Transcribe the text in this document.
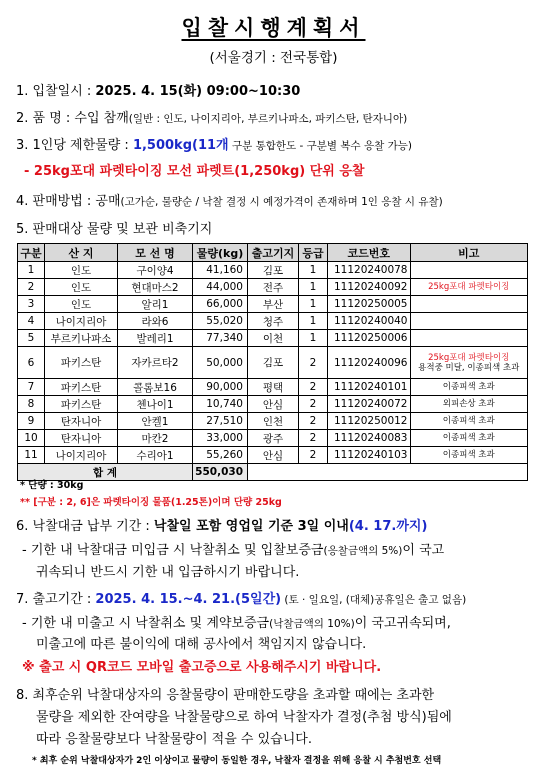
입찰시행계획서
(서울경기 : 전국통합)
1. 입찰일시 : 2025. 4. 15(화) 09:00~10:30
2. 품 명 : 수입 참깨(일반 : 인도, 나이지리아, 부르키나파소, 파키스탄, 탄자니아)
3. 1인당 제한물량 : 1,500kg(11개 구분 통합한도 - 구분별 복수 응찰 가능)
- 25kg포대 파렛타이징 모선 파렛트(1,250kg) 단위 응찰
4. 판매방법 : 공매(고가순, 물량순 / 낙찰 결정 시 예정가격이 존재하며 1인 응찰 시 유찰)
5. 판매대상 물량 및 보관 비축기지
구분	산 지	모 선 명	물량(kg)	출고기지	등급	코드번호	비고
1	인도	구이양4	41,160	김포	1	11120240078	
2	인도	현대마스2	44,000	전주	1	11120240092	25kg포대 파렛타이징
3	인도	알리1	66,000	부산	1	11120250005	
4	나이지리아	라와6	55,020	청주	1	11120240040	
5	부르키나파소	발레리1	77,340	이천	1	11120250006	
6	파키스탄	자카르타2	50,000	김포	2	11120240096	25kg포대 파렛타이징
용적중 미달, 이종피색 초과

7	파키스탄	콜롬보16	90,000	평택	2	11120240101	이종피색 초과
8	파키스탄	첸나이1	10,740	안심	2	11120240072	외피손상 초과
9	탄자니아	안켈1	27,510	인천	2	11120250012	이종피색 초과
10	탄자니아	마칸2	33,000	광주	2	11120240083	이종피색 초과
11	나이지리아	수리아1	55,260	안심	2	11120240103	이종피색 초과
합 계			550,030				
* 단량 : 30kg
** [구분 : 2, 6]은 파렛타이징 물품(1.25톤)이며 단량 25kg
6. 낙찰대금 납부 기간 : 낙찰일 포함 영업일 기준 3일 이내(4. 17.까지)
- 기한 내 낙찰대금 미입금 시 낙찰취소 및 입찰보증금(응찰금액의 5%)이 국고
귀속되니 반드시 기한 내 입금하시기 바랍니다.
7. 출고기간 : 2025. 4. 15.~4. 21.(5일간) (토 · 일요일, (대체)공휴일은 출고 없음)
- 기한 내 미출고 시 낙찰취소 및 계약보증금(낙찰금액의 10%)이 국고귀속되며,
미출고에 따른 불이익에 대해 공사에서 책임지지 않습니다.
※ 출고 시 QR코드 모바일 출고증으로 사용해주시기 바랍니다.
8. 최후순위 낙찰대상자의 응찰물량이 판매한도량을 초과할 때에는 초과한
물량을 제외한 잔여량을 낙찰물량으로 하여 낙찰자가 결정(추첨 방식)됨에
따라 응찰물량보다 낙찰물량이 적을 수 있습니다.
* 최후 순위 낙찰대상자가 2인 이상이고 물량이 동일한 경우, 낙찰자 결정을 위해 응찰 시 추첨번호 선택
